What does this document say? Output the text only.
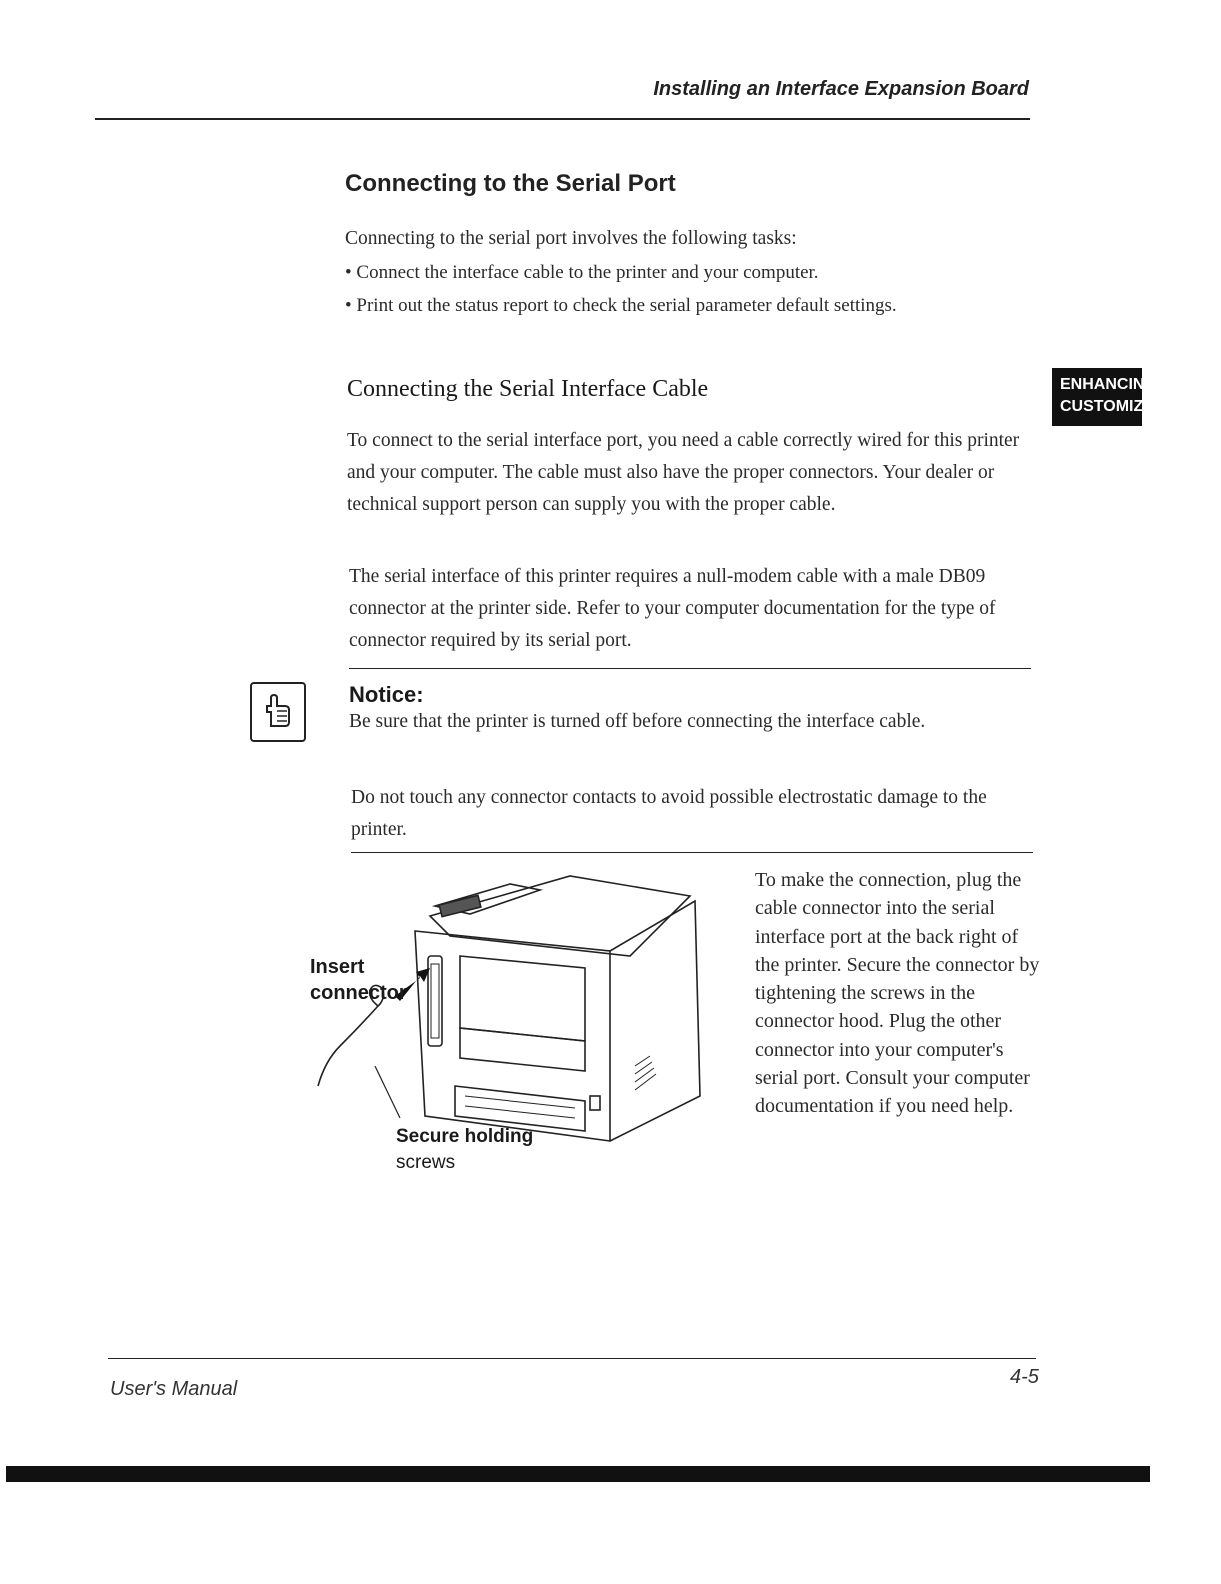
Installing an Interface Expansion Board
Connecting to the Serial Port
Connecting to the serial port involves the following tasks:
• Connect the interface cable to the printer and your computer.
• Print out the status report to check the serial parameter default settings.
ENHANCING
CUSTOMIZIN
Connecting the Serial Interface Cable
To connect to the serial interface port, you need a cable correctly wired for this printer and your computer. The cable must also have the proper connectors. Your dealer or technical support person can supply you with the proper cable.
The serial interface of this printer requires a null-modem cable with a male DB09 connector at the printer side. Refer to your computer documentation for the type of connector required by its serial port.
Notice:
Be sure that the printer is turned off before connecting the interface cable.
Do not touch any connector contacts to avoid possible electrostatic damage to the printer.
Insert
connector
Secure holding
screws
To make the connection, plug the cable connector into the serial interface port at the back right of the printer. Secure the connector by tightening the screws in the connector hood. Plug the other connector into your computer's serial port. Consult your computer documentation if you need help.
User's Manual
4-5
